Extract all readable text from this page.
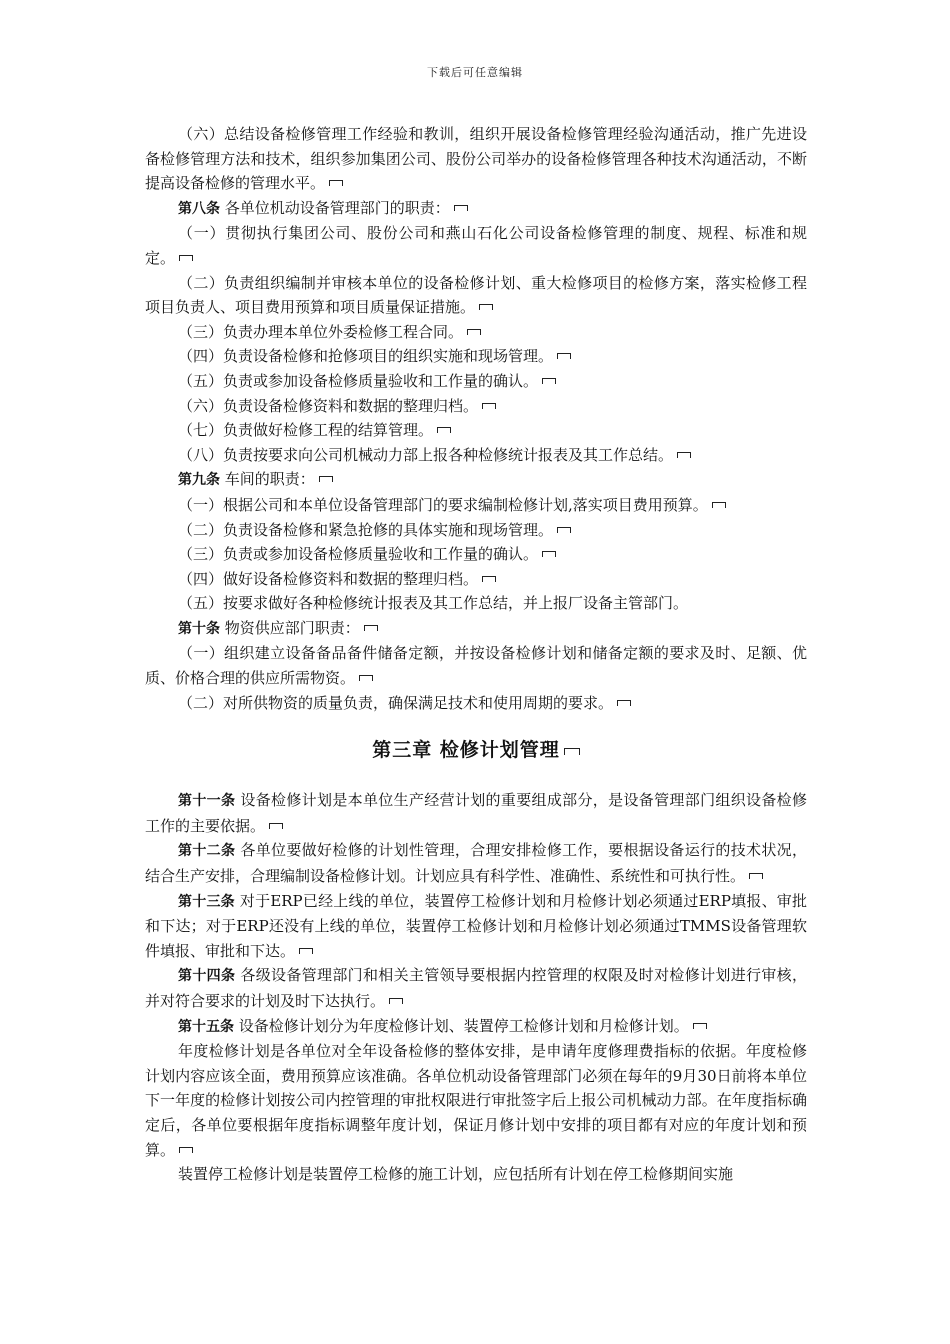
下载后可任意编辑

（六）总结设备检修管理工作经验和教训，组织开展设备检修管理经验沟通活动，推广先进设备检修管理方法和技术，组织参加集团公司、股份公司举办的设备检修管理各种技术沟通活动，不断提高设备检修的管理水平。

第八条 各单位机动设备管理部门的职责：

（一）贯彻执行集团公司、股份公司和燕山石化公司设备检修管理的制度、规程、标准和规定。

（二）负责组织编制并审核本单位的设备检修计划、重大检修项目的检修方案，落实检修工程项目负责人、项目费用预算和项目质量保证措施。

（三）负责办理本单位外委检修工程合同。

（四）负责设备检修和抢修项目的组织实施和现场管理。

（五）负责或参加设备检修质量验收和工作量的确认。

（六）负责设备检修资料和数据的整理归档。

（七）负责做好检修工程的结算管理。

（八）负责按要求向公司机械动力部上报各种检修统计报表及其工作总结。

第九条 车间的职责：

（一）根据公司和本单位设备管理部门的要求编制检修计划,落实项目费用预算。

（二）负责设备检修和紧急抢修的具体实施和现场管理。

（三）负责或参加设备检修质量验收和工作量的确认。

（四）做好设备检修资料和数据的整理归档。

（五）按要求做好各种检修统计报表及其工作总结，并上报厂设备主管部门。

第十条 物资供应部门职责：

（一）组织建立设备备品备件储备定额，并按设备检修计划和储备定额的要求及时、足额、优质、价格合理的供应所需物资。

（二）对所供物资的质量负责，确保满足技术和使用周期的要求。

第三章 检修计划管理

第十一条 设备检修计划是本单位生产经营计划的重要组成部分，是设备管理部门组织设备检修工作的主要依据。

第十二条 各单位要做好检修的计划性管理，合理安排检修工作，要根据设备运行的技术状况，结合生产安排，合理编制设备检修计划。计划应具有科学性、准确性、系统性和可执行性。

第十三条 对于ERP已经上线的单位，装置停工检修计划和月检修计划必须通过ERP填报、审批和下达；对于ERP还没有上线的单位，装置停工检修计划和月检修计划必须通过TMMS设备管理软件填报、审批和下达。

第十四条 各级设备管理部门和相关主管领导要根据内控管理的权限及时对检修计划进行审核，并对符合要求的计划及时下达执行。

第十五条 设备检修计划分为年度检修计划、装置停工检修计划和月检修计划。

年度检修计划是各单位对全年设备检修的整体安排，是申请年度修理费指标的依据。年度检修计划内容应该全面，费用预算应该准确。各单位机动设备管理部门必须在每年的9月30日前将本单位下一年度的检修计划按公司内控管理的审批权限进行审批签字后上报公司机械动力部。在年度指标确定后，各单位要根据年度指标调整年度计划，保证月修计划中安排的项目都有对应的年度计划和预算。

装置停工检修计划是装置停工检修的施工计划，应包括所有计划在停工检修期间实施
